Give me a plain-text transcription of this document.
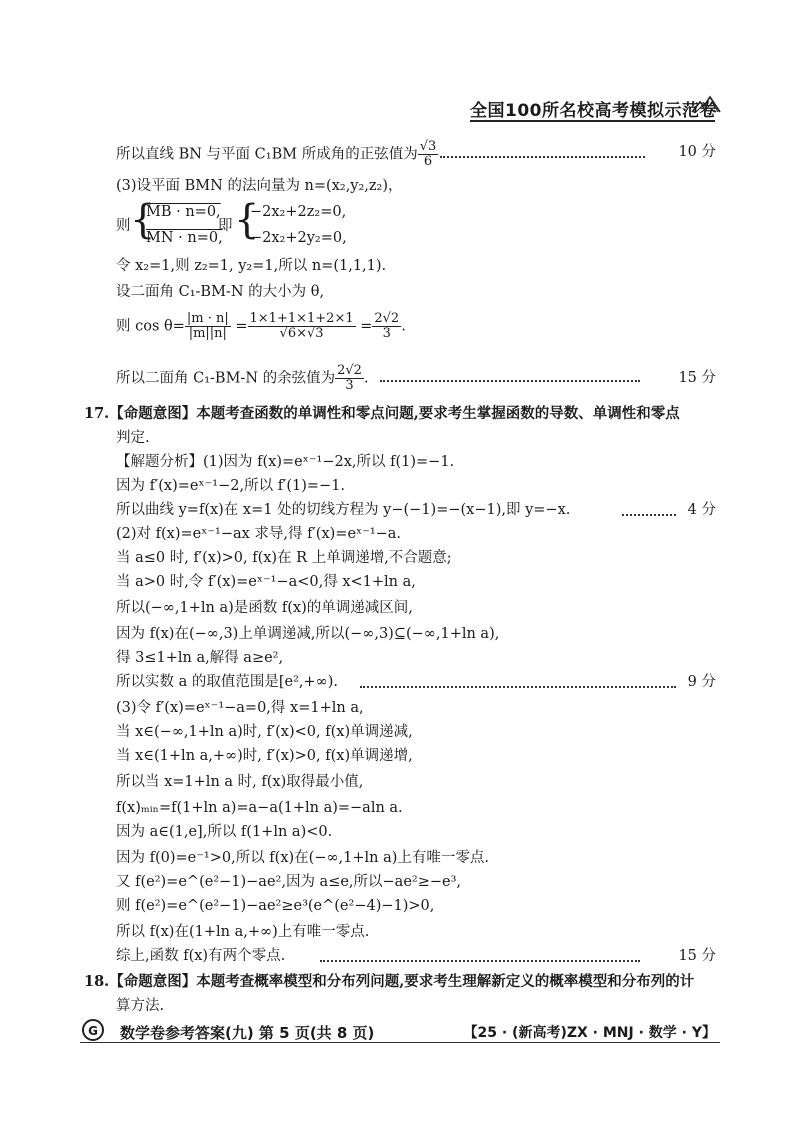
全国100所名校高考模拟示范卷
所以直线 BN 与平面 C₁BM 所成角的正弦值为 $\frac{√3}{6}$	10 分
(3)设平面 BMN 的法向量为 n=(x₂,y₂,z₂)，
则 {
MB · n=0,
MN · n=0,
即 {
−2x₂+2z₂=0,
−2x₂+2y₂=0,
令 x₂=1,则 z₂=1, y₂=1,所以 n=(1,1,1).
设二面角 C₁-BM-N 的大小为 θ,
则 $\cos \theta= \frac{|m \cdot n|}{|m||n|} = \frac{1\times 1+1\times 1+2\times 1}{√6\times√3} = \frac{2√2}{3}$ .
所以二面角 C₁-BM-N 的余弦值为 $\frac{2√2}{3}$ .	15 分
17.【命题意图】本题考查函数的单调性和零点问题,要求考生掌握函数的导数、单调性和零点
判定.
【解题分析】(1)因为 f(x)=eˣ⁻¹−2x,所以 f(1)=−1.
因为 f′(x)=eˣ⁻¹−2,所以 f′(1)=−1.
所以曲线 y=f(x)在 x=1 处的切线方程为 y−(−1)=−(x−1),即 y=−x.	4 分
(2)对 f(x)=eˣ⁻¹−ax 求导,得 f′(x)=eˣ⁻¹−a.
当 a≤0 时, f′(x)>0, f(x)在 R 上单调递增,不合题意;
当 a>0 时,令 f′(x)=eˣ⁻¹−a<0,得 x<1+ln a,
所以(−∞,1+ln a)是函数 f(x)的单调递减区间,
因为 f(x)在(−∞,3)上单调递减,所以(−∞,3)⊆(−∞,1+ln a),
得 3≤1+ln a,解得 a≥e²,
所以实数 a 的取值范围是[e²,+∞).	9 分
(3)令 f′(x)=eˣ⁻¹−a=0,得 x=1+ln a,
当 x∈(−∞,1+ln a)时, f′(x)<0, f(x)单调递减,
当 x∈(1+ln a,+∞)时, f′(x)>0, f(x)单调递增,
所以当 x=1+ln a 时, f(x)取得最小值,
f(x)ₘᵢₙ=f(1+ln a)=a−a(1+ln a)=−aln a.
因为 a∈(1,e],所以 f(1+ln a)<0.
因为 f(0)=e⁻¹>0,所以 f(x)在(−∞,1+ln a)上有唯一零点.
又 f(e²)=e^(e²−1)−ae²,因为 a≤e,所以−ae²≥−e³,
则 f(e²)=e^(e²−1)−ae²≥e³(e^(e²−4)−1)>0,
所以 f(x)在(1+ln a,+∞)上有唯一零点.
综上,函数 f(x)有两个零点.	15 分
18.【命题意图】本题考查概率模型和分布列问题,要求考生理解新定义的概率模型和分布列的计
算方法.
G	数学卷参考答案(九) 第 5 页(共 8 页)	【25 · (新高考)ZX · MNJ · 数学 · Y】
